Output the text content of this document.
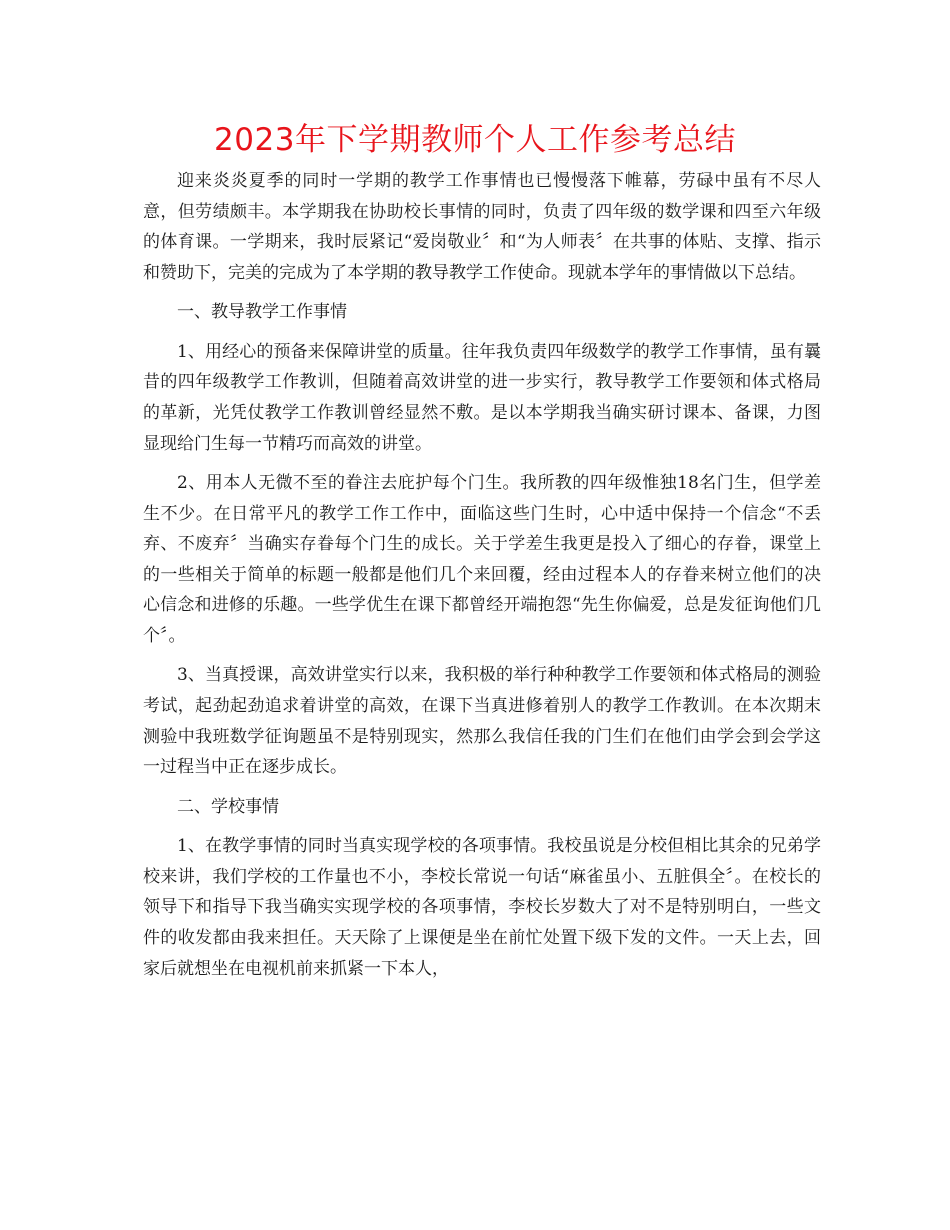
2023年下学期教师个人工作参考总结

迎来炎炎夏季的同时一学期的教学工作事情也已慢慢落下帷幕，劳碌中虽有不尽人意，但劳绩颇丰。本学期我在协助校长事情的同时，负责了四年级的数学课和四至六年级的体育课。一学期来，我时辰紧记“爱岗敬业〞和“为人师表〞在共事的体贴、支撑、指示和赞助下，完美的完成为了本学期的教导教学工作使命。现就本学年的事情做以下总结。

一、教导教学工作事情

1、用经心的预备来保障讲堂的质量。往年我负责四年级数学的教学工作事情，虽有曩昔的四年级教学工作教训，但随着高效讲堂的进一步实行，教导教学工作要领和体式格局的革新，光凭仗教学工作教训曾经显然不敷。是以本学期我当确实研讨课本、备课，力图显现给门生每一节精巧而高效的讲堂。

2、用本人无微不至的眷注去庇护每个门生。我所教的四年级惟独18名门生，但学差生不少。在日常平凡的教学工作工作中，面临这些门生时，心中适中保持一个信念“不丢弃、不废弃〞当确实存眷每个门生的成长。关于学差生我更是投入了细心的存眷，课堂上的一些相关于简单的标题一般都是他们几个来回覆，经由过程本人的存眷来树立他们的决心信念和进修的乐趣。一些学优生在课下都曾经开端抱怨“先生你偏爱，总是发征询他们几个〞。

3、当真授课，高效讲堂实行以来，我积极的举行种种教学工作要领和体式格局的测验考试，起劲起劲追求着讲堂的高效，在课下当真进修着别人的教学工作教训。在本次期末测验中我班数学征询题虽不是特别现实，然那么我信任我的门生们在他们由学会到会学这一过程当中正在逐步成长。

二、学校事情

1、在教学事情的同时当真实现学校的各项事情。我校虽说是分校但相比其余的兄弟学校来讲，我们学校的工作量也不小，李校长常说一句话“麻雀虽小、五脏俱全〞。在校长的领导下和指导下我当确实实现学校的各项事情，李校长岁数大了对不是特别明白，一些文件的收发都由我来担任。天天除了上课便是坐在前忙处置下级下发的文件。一天上去，回家后就想坐在电视机前来抓紧一下本人，
